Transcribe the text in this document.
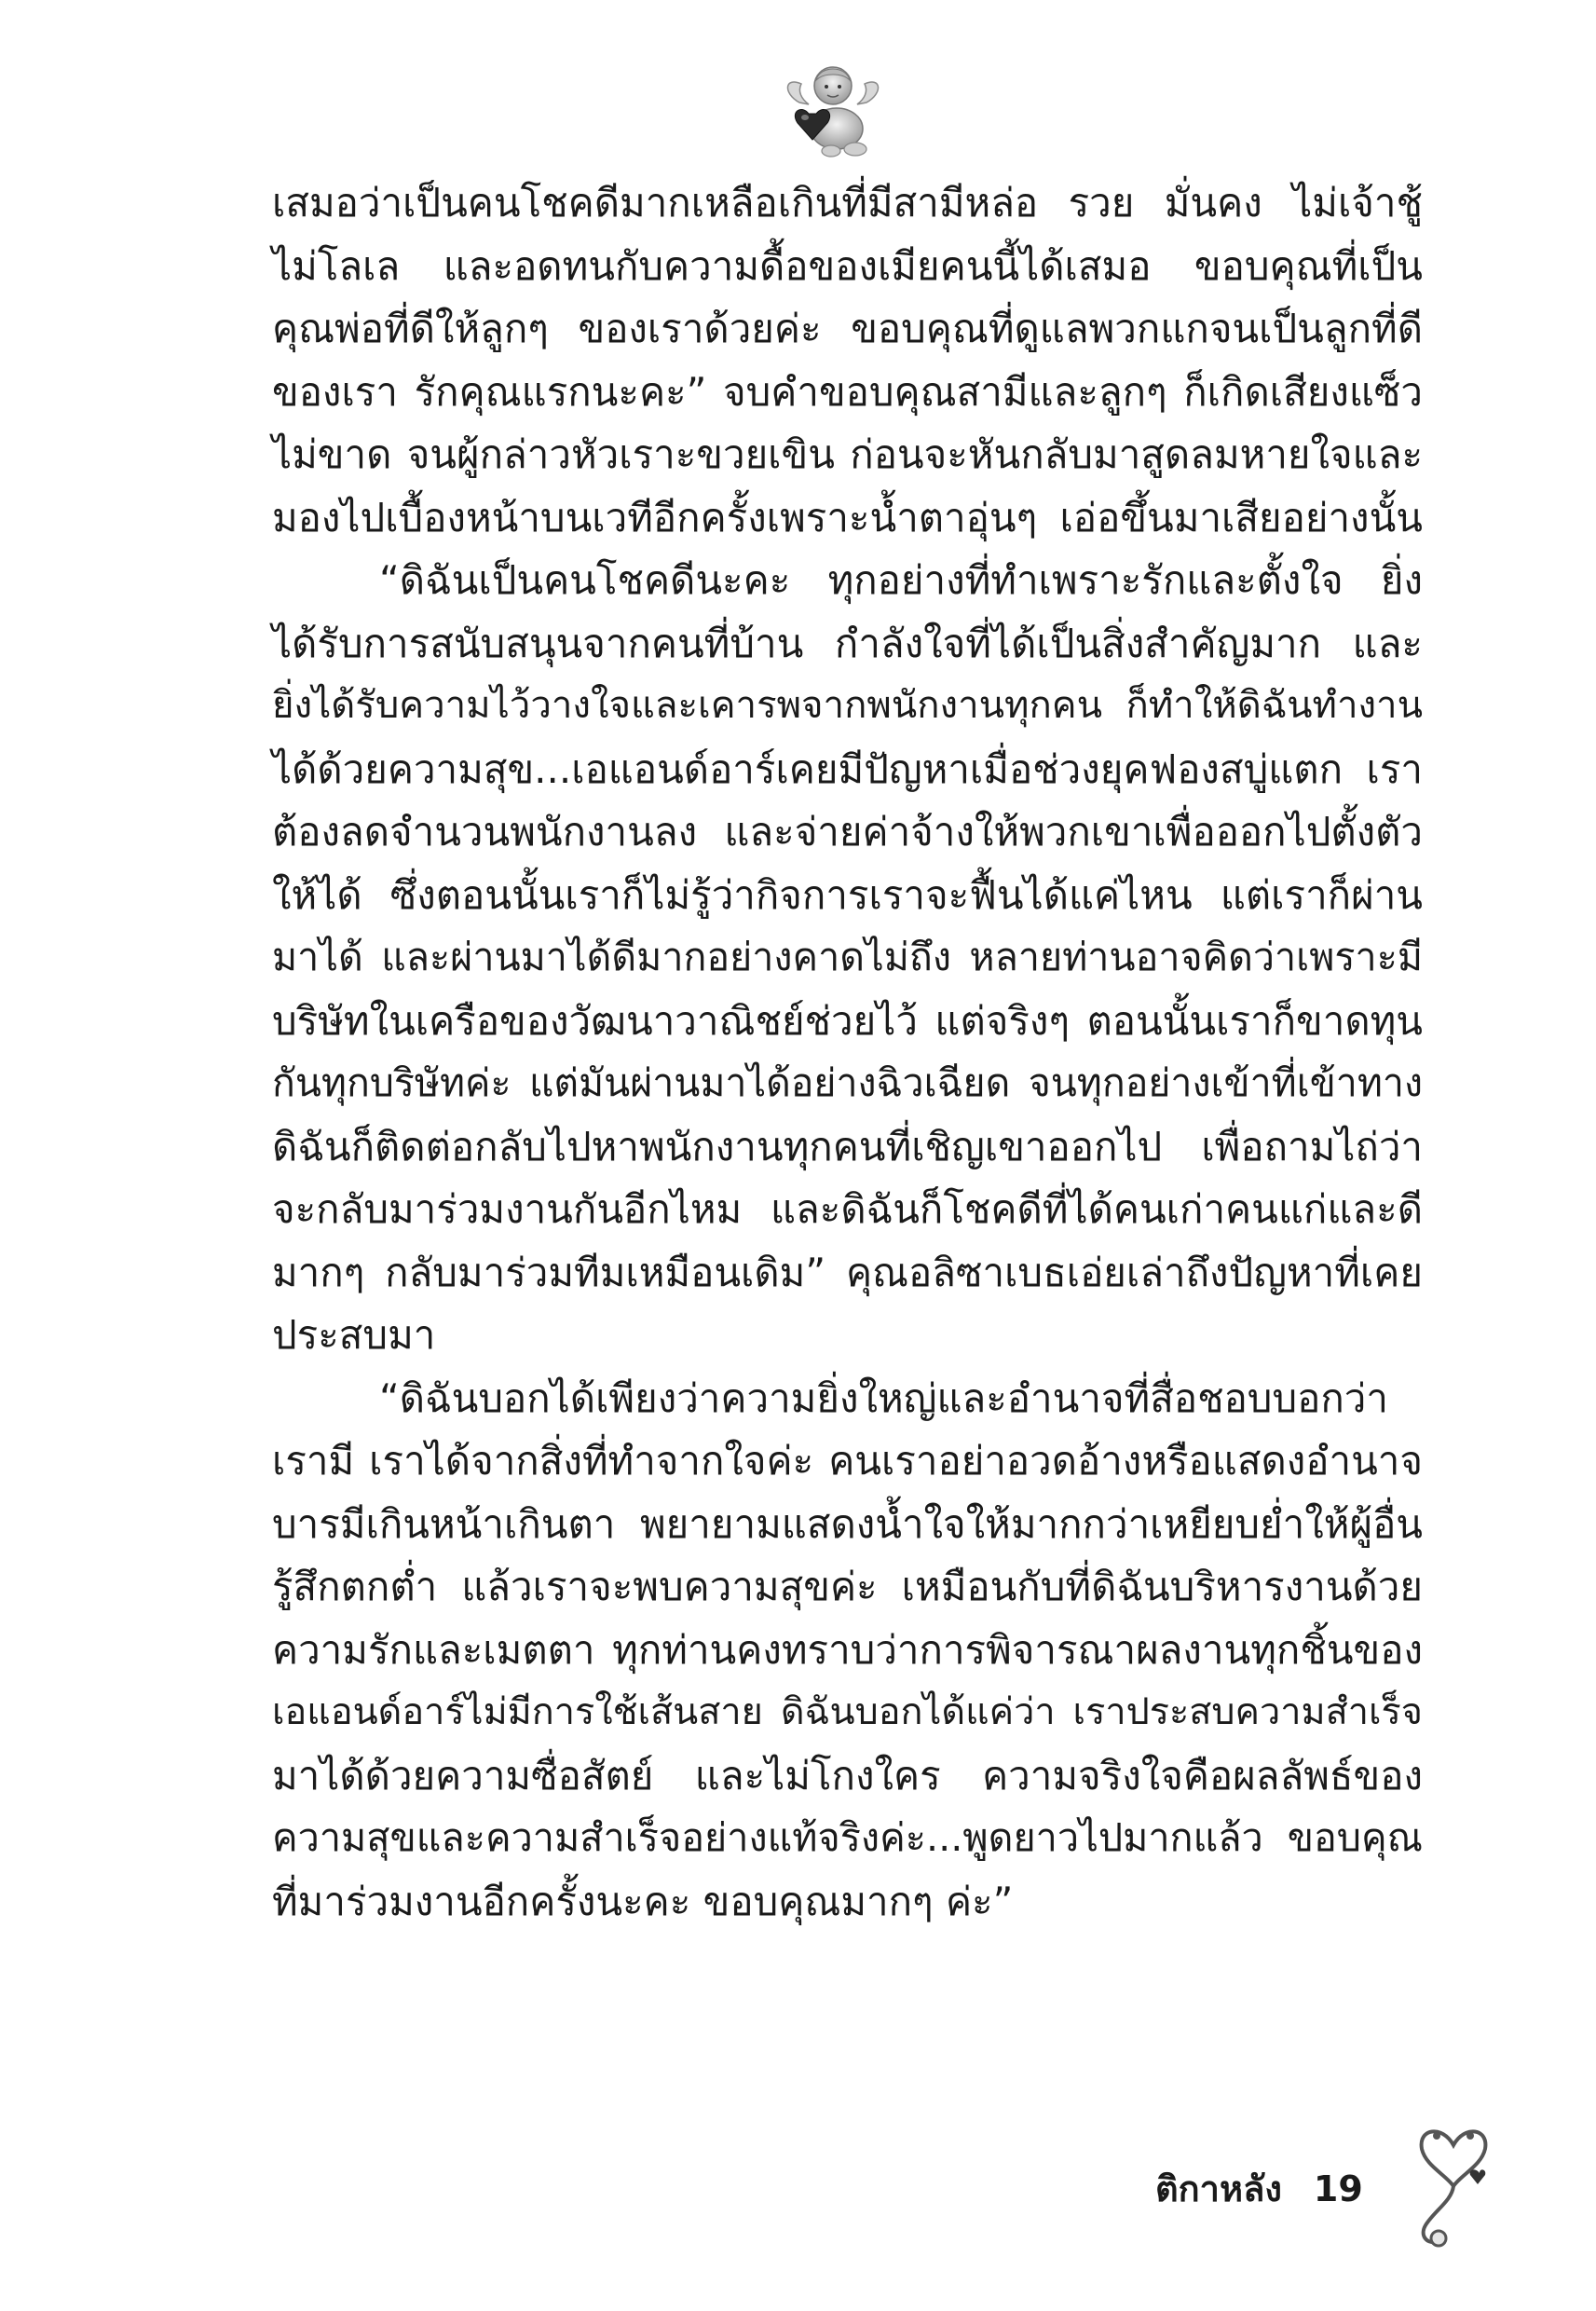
เสมอว่าเป็นคนโชคดีมากเหลือเกินที่มีสามีหล่อ รวย มั่นคง ไม่เจ้าชู้
ไม่โลเล และอดทนกับความดื้อของเมียคนนี้ได้เสมอ ขอบคุณที่เป็น
คุณพ่อที่ดีให้ลูกๆ ของเราด้วยค่ะ ขอบคุณที่ดูแลพวกแกจนเป็นลูกที่ดี
ของเรา รักคุณแรกนะคะ” จบคำขอบคุณสามีและลูกๆ ก็เกิดเสียงแซ็ว
ไม่ขาด จนผู้กล่าวหัวเราะขวยเขิน ก่อนจะหันกลับมาสูดลมหายใจและ
มองไปเบื้องหน้าบนเวทีอีกครั้งเพราะน้ำตาอุ่นๆ เอ่อขึ้นมาเสียอย่างนั้น
“ดิฉันเป็นคนโชคดีนะคะ ทุกอย่างที่ทำเพราะรักและตั้งใจ ยิ่ง
ได้รับการสนับสนุนจากคนที่บ้าน กำลังใจที่ได้เป็นสิ่งสำคัญมาก และ
ยิ่งได้รับความไว้วางใจและเคารพจากพนักงานทุกคน ก็ทำให้ดิฉันทำงาน
ได้ด้วยความสุข...เอแอนด์อาร์เคยมีปัญหาเมื่อช่วงยุคฟองสบู่แตก เรา
ต้องลดจำนวนพนักงานลง และจ่ายค่าจ้างให้พวกเขาเพื่อออกไปตั้งตัว
ให้ได้ ซึ่งตอนนั้นเราก็ไม่รู้ว่ากิจการเราจะฟื้นได้แค่ไหน แต่เราก็ผ่าน
มาได้ และผ่านมาได้ดีมากอย่างคาดไม่ถึง หลายท่านอาจคิดว่าเพราะมี
บริษัทในเครือของวัฒนาวาณิชย์ช่วยไว้ แต่จริงๆ ตอนนั้นเราก็ขาดทุน
กันทุกบริษัทค่ะ แต่มันผ่านมาได้อย่างฉิวเฉียด จนทุกอย่างเข้าที่เข้าทาง
ดิฉันก็ติดต่อกลับไปหาพนักงานทุกคนที่เชิญเขาออกไป เพื่อถามไถ่ว่า
จะกลับมาร่วมงานกันอีกไหม และดิฉันก็โชคดีที่ได้คนเก่าคนแก่และดี
มากๆ กลับมาร่วมทีมเหมือนเดิม” คุณอลิซาเบธเอ่ยเล่าถึงปัญหาที่เคย
ประสบมา
“ดิฉันบอกได้เพียงว่าความยิ่งใหญ่และอำนาจที่สื่อชอบบอกว่า
เรามี เราได้จากสิ่งที่ทำจากใจค่ะ คนเราอย่าอวดอ้างหรือแสดงอำนาจ
บารมีเกินหน้าเกินตา พยายามแสดงน้ำใจให้มากกว่าเหยียบย่ำให้ผู้อื่น
รู้สึกตกต่ำ แล้วเราจะพบความสุขค่ะ เหมือนกับที่ดิฉันบริหารงานด้วย
ความรักและเมตตา ทุกท่านคงทราบว่าการพิจารณาผลงานทุกชิ้นของ
เอแอนด์อาร์ไม่มีการใช้เส้นสาย ดิฉันบอกได้แค่ว่า เราประสบความสำเร็จ
มาได้ด้วยความซื่อสัตย์ และไม่โกงใคร ความจริงใจคือผลลัพธ์ของ
ความสุขและความสำเร็จอย่างแท้จริงค่ะ...พูดยาวไปมากแล้ว ขอบคุณ
ที่มาร่วมงานอีกครั้งนะคะ ขอบคุณมากๆ ค่ะ”
ติกาหลัง 19
